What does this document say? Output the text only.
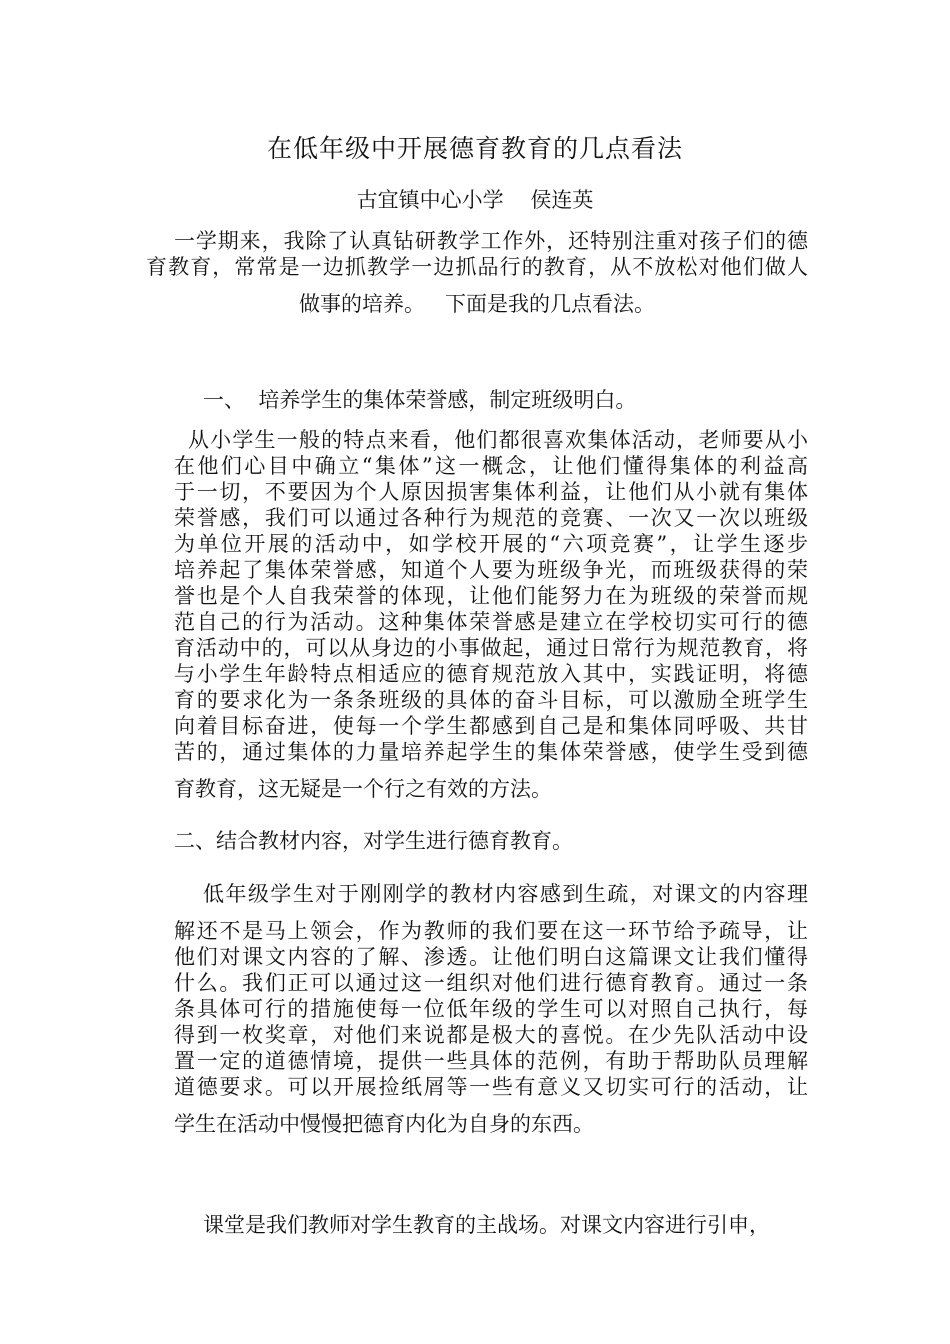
在低年级中开展德育教育的几点看法
古宜镇中心小学    侯连英
一学期来，我除了认真钻研教学工作外，还特别注重对孩子们的德
育教育，常常是一边抓教学一边抓品行的教育，从不放松对他们做人
做事的培养。   下面是我的几点看法。
一、  培养学生的集体荣誉感，制定班级明白。
从小学生一般的特点来看，他们都很喜欢集体活动，老师要从小
在他们心目中确立“集体”这一概念，让他们懂得集体的利益高
于一切，不要因为个人原因损害集体利益，让他们从小就有集体
荣誉感，我们可以通过各种行为规范的竞赛、一次又一次以班级
为单位开展的活动中，如学校开展的“六项竞赛”，让学生逐步
培养起了集体荣誉感，知道个人要为班级争光，而班级获得的荣
誉也是个人自我荣誉的体现，让他们能努力在为班级的荣誉而规
范自己的行为活动。这种集体荣誉感是建立在学校切实可行的德
育活动中的，可以从身边的小事做起，通过日常行为规范教育，将
与小学生年龄特点相适应的德育规范放入其中，实践证明，将德
育的要求化为一条条班级的具体的奋斗目标，可以激励全班学生
向着目标奋进，使每一个学生都感到自己是和集体同呼吸、共甘
苦的，通过集体的力量培养起学生的集体荣誉感，使学生受到德
育教育，这无疑是一个行之有效的方法。
二、结合教材内容，对学生进行德育教育。
低年级学生对于刚刚学的教材内容感到生疏，对课文的内容理
解还不是马上领会，作为教师的我们要在这一环节给予疏导，让
他们对课文内容的了解、渗透。让他们明白这篇课文让我们懂得
什么。我们正可以通过这一组织对他们进行德育教育。通过一条
条具体可行的措施使每一位低年级的学生可以对照自己执行，每
得到一枚奖章，对他们来说都是极大的喜悦。在少先队活动中设
置一定的道德情境，提供一些具体的范例，有助于帮助队员理解
道德要求。可以开展捡纸屑等一些有意义又切实可行的活动，让
学生在活动中慢慢把德育内化为自身的东西。
课堂是我们教师对学生教育的主战场。对课文内容进行引申，
